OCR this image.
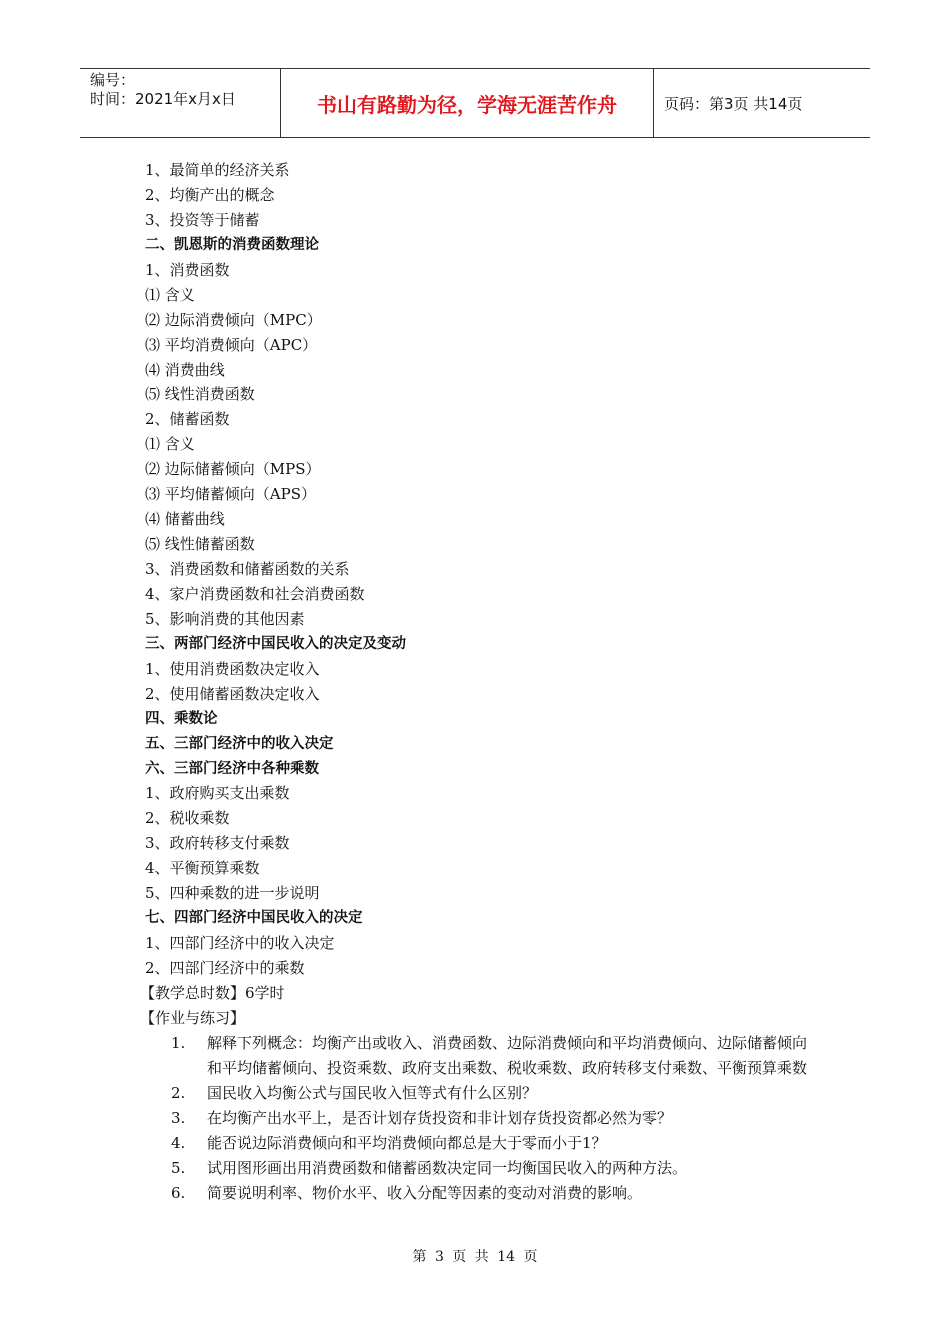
编号：
时间：2021年x月x日	书山有路勤为径，学海无涯苦作舟	页码：第3页 共14页
1、最简单的经济关系
2、均衡产出的概念
3、投资等于储蓄
二、凯恩斯的消费函数理论
1、消费函数
⑴ 含义
⑵ 边际消费倾向（MPC）
⑶ 平均消费倾向（APC）
⑷ 消费曲线
⑸ 线性消费函数
2、储蓄函数
⑴ 含义
⑵ 边际储蓄倾向（MPS）
⑶ 平均储蓄倾向（APS）
⑷ 储蓄曲线
⑸ 线性储蓄函数
3、消费函数和储蓄函数的关系
4、家户消费函数和社会消费函数
5、影响消费的其他因素
三、两部门经济中国民收入的决定及变动
1、使用消费函数决定收入
2、使用储蓄函数决定收入
四、乘数论
五、三部门经济中的收入决定
六、三部门经济中各种乘数
1、政府购买支出乘数
2、税收乘数
3、政府转移支付乘数
4、平衡预算乘数
5、四种乘数的进一步说明
七、四部门经济中国民收入的决定
1、四部门经济中的收入决定
2、四部门经济中的乘数
【教学总时数】6学时
【作业与练习】
1.	解释下列概念：均衡产出或收入、消费函数、边际消费倾向和平均消费倾向、边际储蓄倾向和平均储蓄倾向、投资乘数、政府支出乘数、税收乘数、政府转移支付乘数、平衡预算乘数
2.	国民收入均衡公式与国民收入恒等式有什么区别？
3.	在均衡产出水平上，是否计划存货投资和非计划存货投资都必然为零？
4.	能否说边际消费倾向和平均消费倾向都总是大于零而小于1？
5.	试用图形画出用消费函数和储蓄函数决定同一均衡国民收入的两种方法。
6.	简要说明利率、物价水平、收入分配等因素的变动对消费的影响。
第 3 页 共 14 页
